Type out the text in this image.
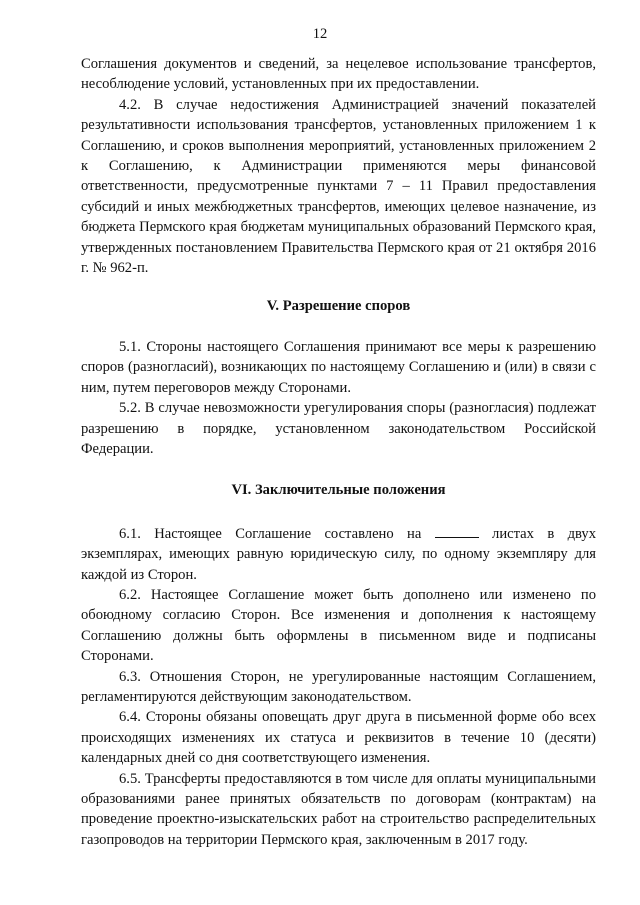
12

Соглашения документов и сведений, за нецелевое использование трансфертов, несоблюдение условий, установленных при их предоставлении.

4.2. В случае недостижения Администрацией значений показателей результативности использования трансфертов, установленных приложением 1 к Соглашению, и сроков выполнения мероприятий, установленных приложением 2 к Соглашению, к Администрации применяются меры финансовой ответственности, предусмотренные пунктами 7 – 11 Правил предоставления субсидий и иных межбюджетных трансфертов, имеющих целевое назначение, из бюджета Пермского края бюджетам муниципальных образований Пермского края, утвержденных постановлением Правительства Пермского края от 21 октября 2016 г. № 962-п.

V. Разрешение споров

5.1. Стороны настоящего Соглашения принимают все меры к разрешению споров (разногласий), возникающих по настоящему Соглашению и (или) в связи с ним, путем переговоров между Сторонами.

5.2. В случае невозможности урегулирования споры (разногласия) подлежат разрешению в порядке, установленном законодательством Российской Федерации.

VI. Заключительные положения

6.1. Настоящее Соглашение составлено на	листах в двух экземплярах, имеющих равную юридическую силу, по одному экземпляру для каждой из Сторон.

6.2. Настоящее Соглашение может быть дополнено или изменено по обоюдному согласию Сторон. Все изменения и дополнения к настоящему Соглашению должны быть оформлены в письменном виде и подписаны Сторонами.

6.3. Отношения Сторон, не урегулированные настоящим Соглашением, регламентируются действующим законодательством.

6.4. Стороны обязаны оповещать друг друга в письменной форме обо всех происходящих изменениях их статуса и реквизитов в течение 10 (десяти) календарных дней со дня соответствующего изменения.

6.5. Трансферты предоставляются в том числе для оплаты муниципальными образованиями ранее принятых обязательств по договорам (контрактам) на проведение проектно-изыскательских работ на строительство распределительных газопроводов на территории Пермского края, заключенным в 2017 году.
